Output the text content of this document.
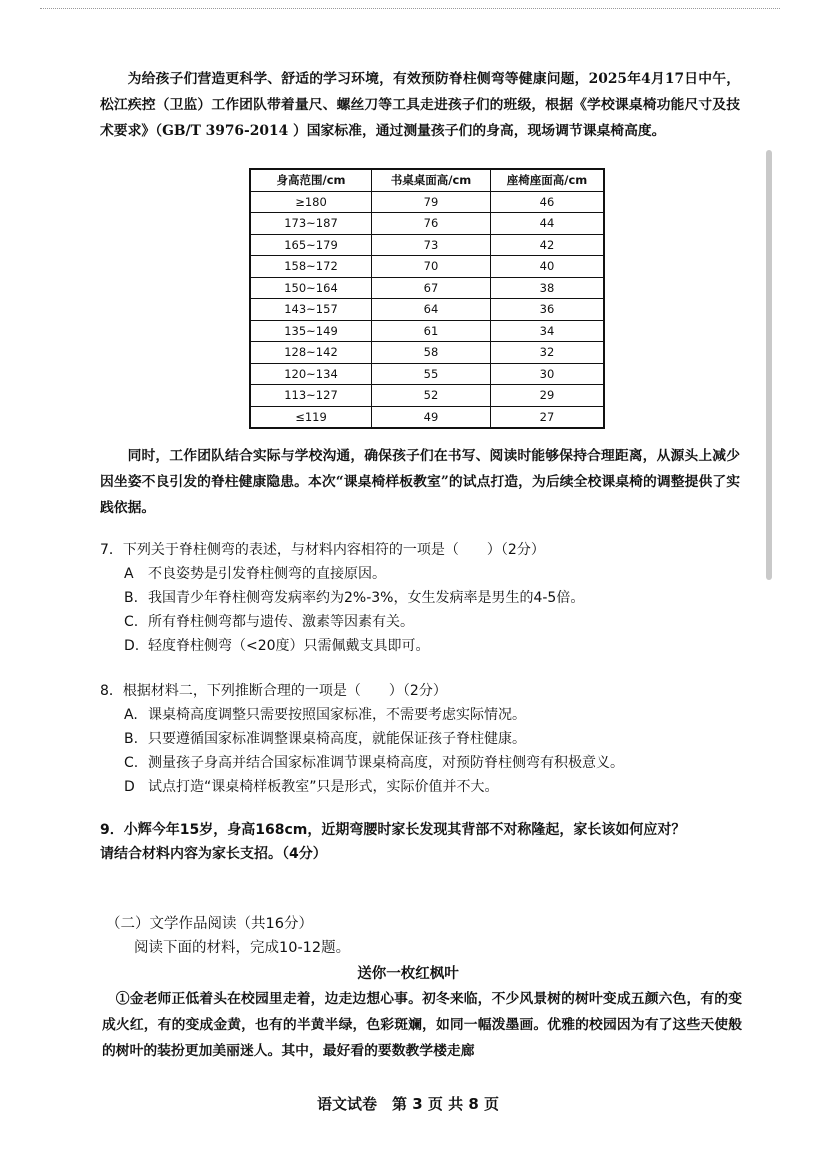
为给孩子们营造更科学、舒适的学习环境，有效预防脊柱侧弯等健康问题，2025年4月17日中午，松江疾控（卫监）工作团队带着量尺、螺丝刀等工具走进孩子们的班级，根据《学校课桌椅功能尺寸及技术要求》（GB/T 3976-2014 ）国家标准，通过测量孩子们的身高，现场调节课桌椅高度。

身高范围/cm	书桌桌面高/cm	座椅座面高/cm
≥180	79	46
173~187	76	44
165~179	73	42
158~172	70	40
150~164	67	38
143~157	64	36
135~149	61	34
128~142	58	32
120~134	55	30
113~127	52	29
≤119	49	27

同时，工作团队结合实际与学校沟通，确保孩子们在书写、阅读时能够保持合理距离，从源头上减少因坐姿不良引发的脊柱健康隐患。本次“课桌椅样板教室”的试点打造，为后续全校课桌椅的调整提供了实践依据。

7．下列关于脊柱侧弯的表述，与材料内容相符的一项是（　　）（2分）

A 不良姿势是引发脊柱侧弯的直接原因。

B. 我国青少年脊柱侧弯发病率约为2%-3%，女生发病率是男生的4-5倍。

C. 所有脊柱侧弯都与遗传、激素等因素有关。

D. 轻度脊柱侧弯（<20度）只需佩戴支具即可。

8．根据材料二，下列推断合理的一项是（　　）（2分）

A. 课桌椅高度调整只需要按照国家标准，不需要考虑实际情况。

B. 只要遵循国家标准调整课桌椅高度，就能保证孩子脊柱健康。

C. 测量孩子身高并结合国家标准调节课桌椅高度，对预防脊柱侧弯有积极意义。

D 试点打造“课桌椅样板教室”只是形式，实际价值并不大。

9．小辉今年15岁，身高168cm，近期弯腰时家长发现其背部不对称隆起，家长该如何应对？

请结合材料内容为家长支招。（4分）

（二）文学作品阅读（共16分）
阅读下面的材料，完成10-12题。
送你一枚红枫叶

①金老师正低着头在校园里走着，边走边想心事。初冬来临，不少风景树的树叶变成五颜六色，有的变成火红，有的变成金黄，也有的半黄半绿，色彩斑斓，如同一幅泼墨画。优雅的校园因为有了这些天使般的树叶的装扮更加美丽迷人。其中，最好看的要数教学楼走廊

语文试卷　第 3 页 共 8 页
